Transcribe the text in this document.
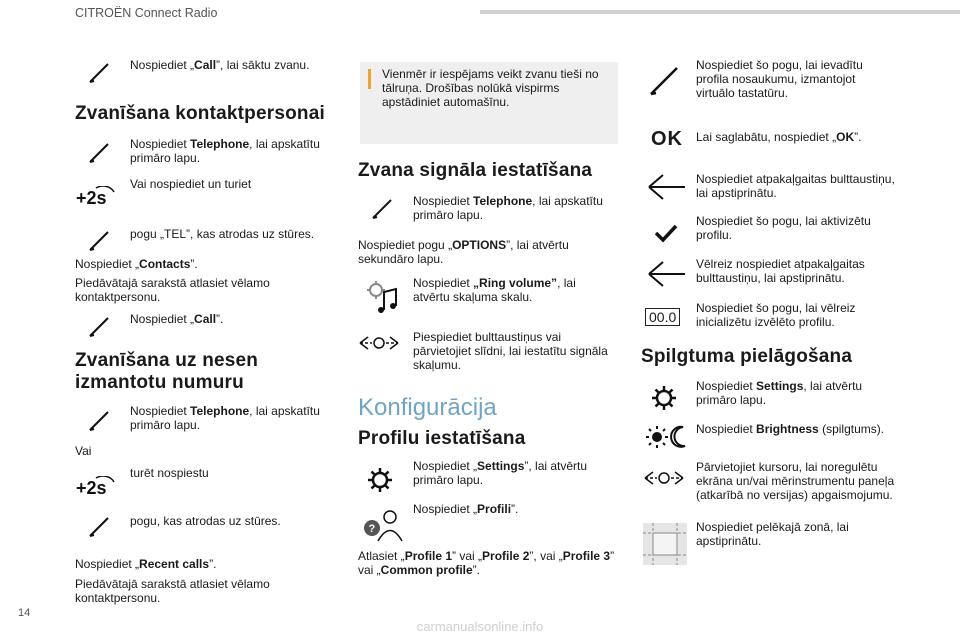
CITROËN Connect Radio
Nospiediet „Call”, lai sāktu zvanu.
Zvanīšana kontaktpersonai
Nospiediet Telephone, lai apskatītu primāro lapu.
+2s
Vai nospiediet un turiet
pogu „TEL”, kas atrodas uz stūres.
Nospiediet „Contacts”.
Piedāvātajā sarakstā atlasiet vēlamo kontaktpersonu.
Nospiediet „Call”.
Zvanīšana uz nesen izmantotu numuru
Nospiediet Telephone, lai apskatītu primāro lapu.
Vai
+2s
turēt nospiestu
pogu, kas atrodas uz stūres.
Nospiediet „Recent calls”.
Piedāvātajā sarakstā atlasiet vēlamo kontaktpersonu.
Vienmēr ir iespējams veikt zvanu tieši no tālruņa. Drošības nolūkā vispirms apstādiniet automašīnu.
Zvana signāla iestatīšana
Nospiediet Telephone, lai apskatītu primāro lapu.
Nospiediet pogu „OPTIONS”, lai atvērtu sekundāro lapu.
Nospiediet „Ring volume”, lai atvērtu skaļuma skalu.
Piespiediet bulttaustiņus vai pārvietojiet slīdni, lai iestatītu signāla skaļumu.
Konfigurācija
Profilu iestatīšana
Nospiediet „Settings”, lai atvērtu primāro lapu.
?
Nospiediet „Profili”.
Atlasiet „Profile 1” vai „Profile 2”, vai „Profile 3” vai „Common profile”.
Nospiediet šo pogu, lai ievadītu profila nosaukumu, izmantojot virtuālo tastatūru.
OK Lai saglabātu, nospiediet „OK”.
Nospiediet atpakaļgaitas bulttaustiņu, lai apstiprinātu.
Nospiediet šo pogu, lai aktivizētu profilu.
Vēlreiz nospiediet atpakaļgaitas bulttaustiņu, lai apstiprinātu.
00.0
Nospiediet šo pogu, lai vēlreiz inicializētu izvēlēto profilu.
Spilgtuma pielāgošana
Nospiediet Settings, lai atvērtu primāro lapu.
Nospiediet Brightness (spilgtums).
Pārvietojiet kursoru, lai noregulētu ekrāna un/vai mērinstrumentu paneļa (atkarībā no versijas) apgaismojumu.
Nospiediet pelēkajā zonā, lai apstiprinātu.
14
carmanualsonline.info
